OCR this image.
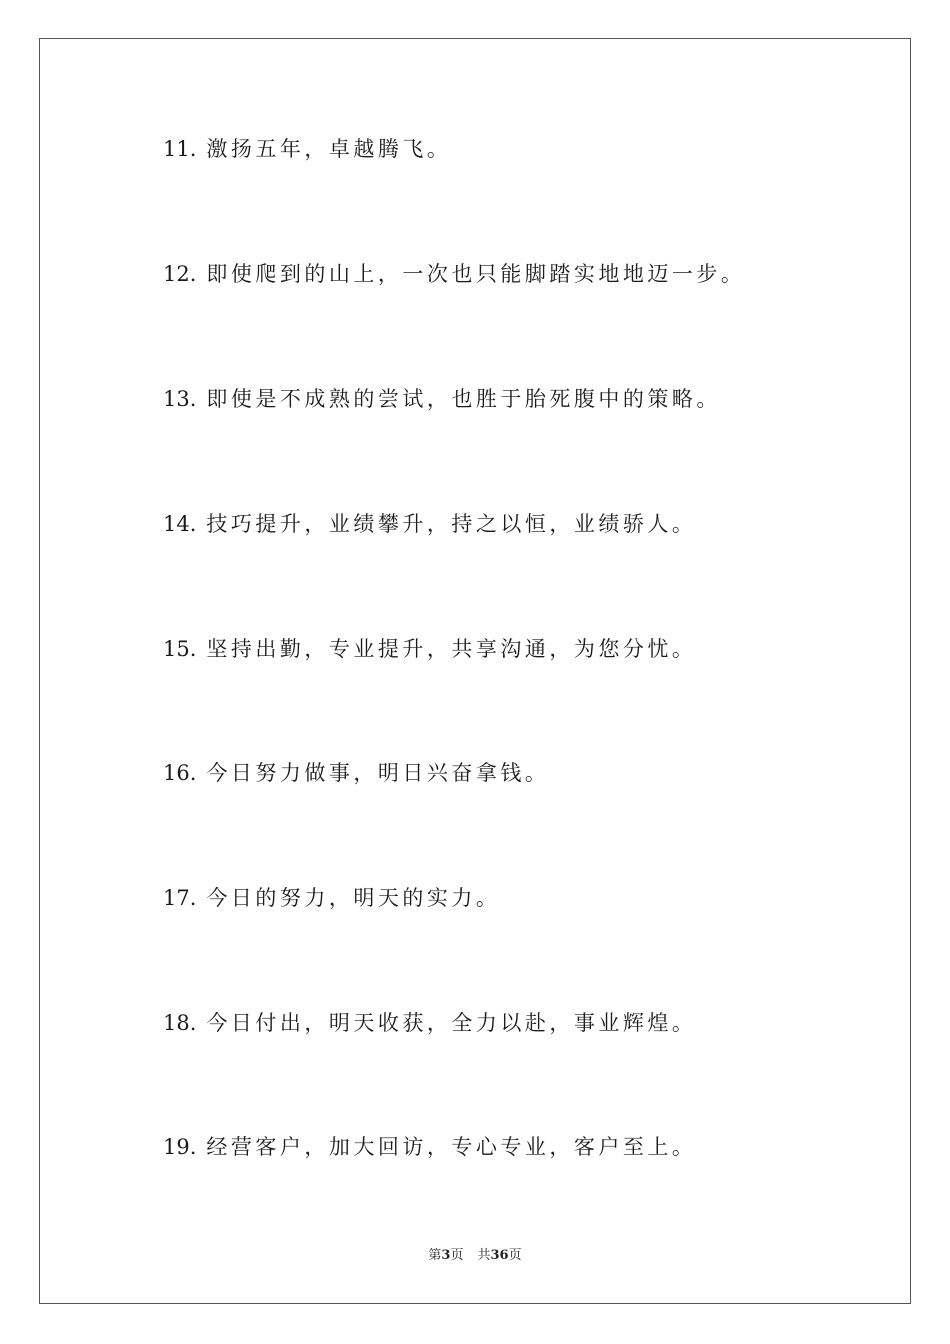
11. 激扬五年，卓越腾飞。
12. 即使爬到的山上，一次也只能脚踏实地地迈一步。
13. 即使是不成熟的尝试，也胜于胎死腹中的策略。
14. 技巧提升，业绩攀升，持之以恒，业绩骄人。
15. 坚持出勤，专业提升，共享沟通，为您分忧。
16. 今日努力做事，明日兴奋拿钱。
17. 今日的努力，明天的实力。
18. 今日付出，明天收获，全力以赴，事业辉煌。
19. 经营客户，加大回访，专心专业，客户至上。
第3页 共36页
